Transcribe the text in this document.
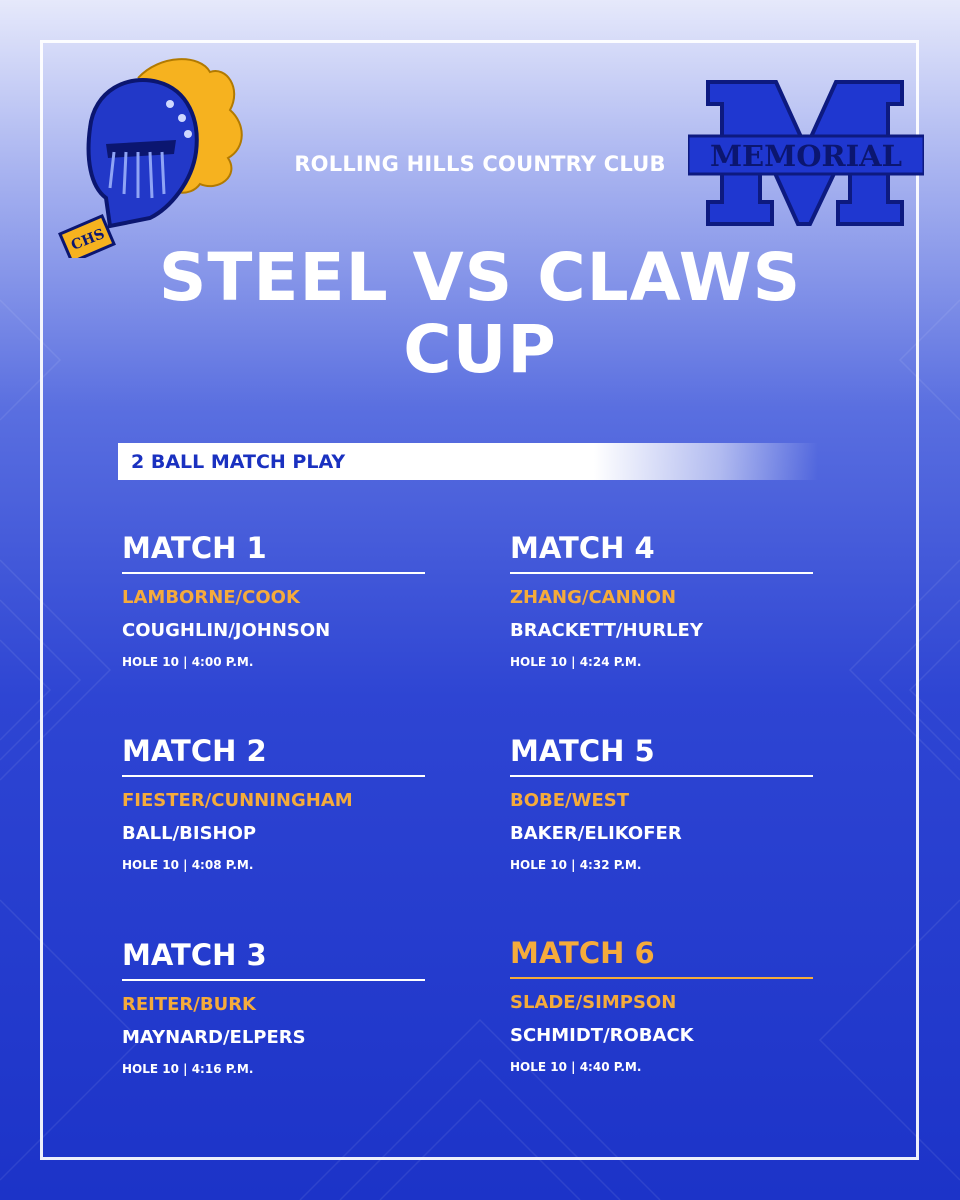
CHS
MEMORIAL
ROLLING HILLS COUNTRY CLUB
STEEL VS CLAWS
CUP
2 BALL MATCH PLAY
MATCH 1
LAMBORNE/COOK
COUGHLIN/JOHNSON
HOLE 10 | 4:00 P.M.
MATCH 2
FIESTER/CUNNINGHAM
BALL/BISHOP
HOLE 10 | 4:08 P.M.
MATCH 3
REITER/BURK
MAYNARD/ELPERS
HOLE 10 | 4:16 P.M.
MATCH 4
ZHANG/CANNON
BRACKETT/HURLEY
HOLE 10 | 4:24 P.M.
MATCH 5
BOBE/WEST
BAKER/ELIKOFER
HOLE 10 | 4:32 P.M.
MATCH 6
SLADE/SIMPSON
SCHMIDT/ROBACK
HOLE 10 | 4:40 P.M.
